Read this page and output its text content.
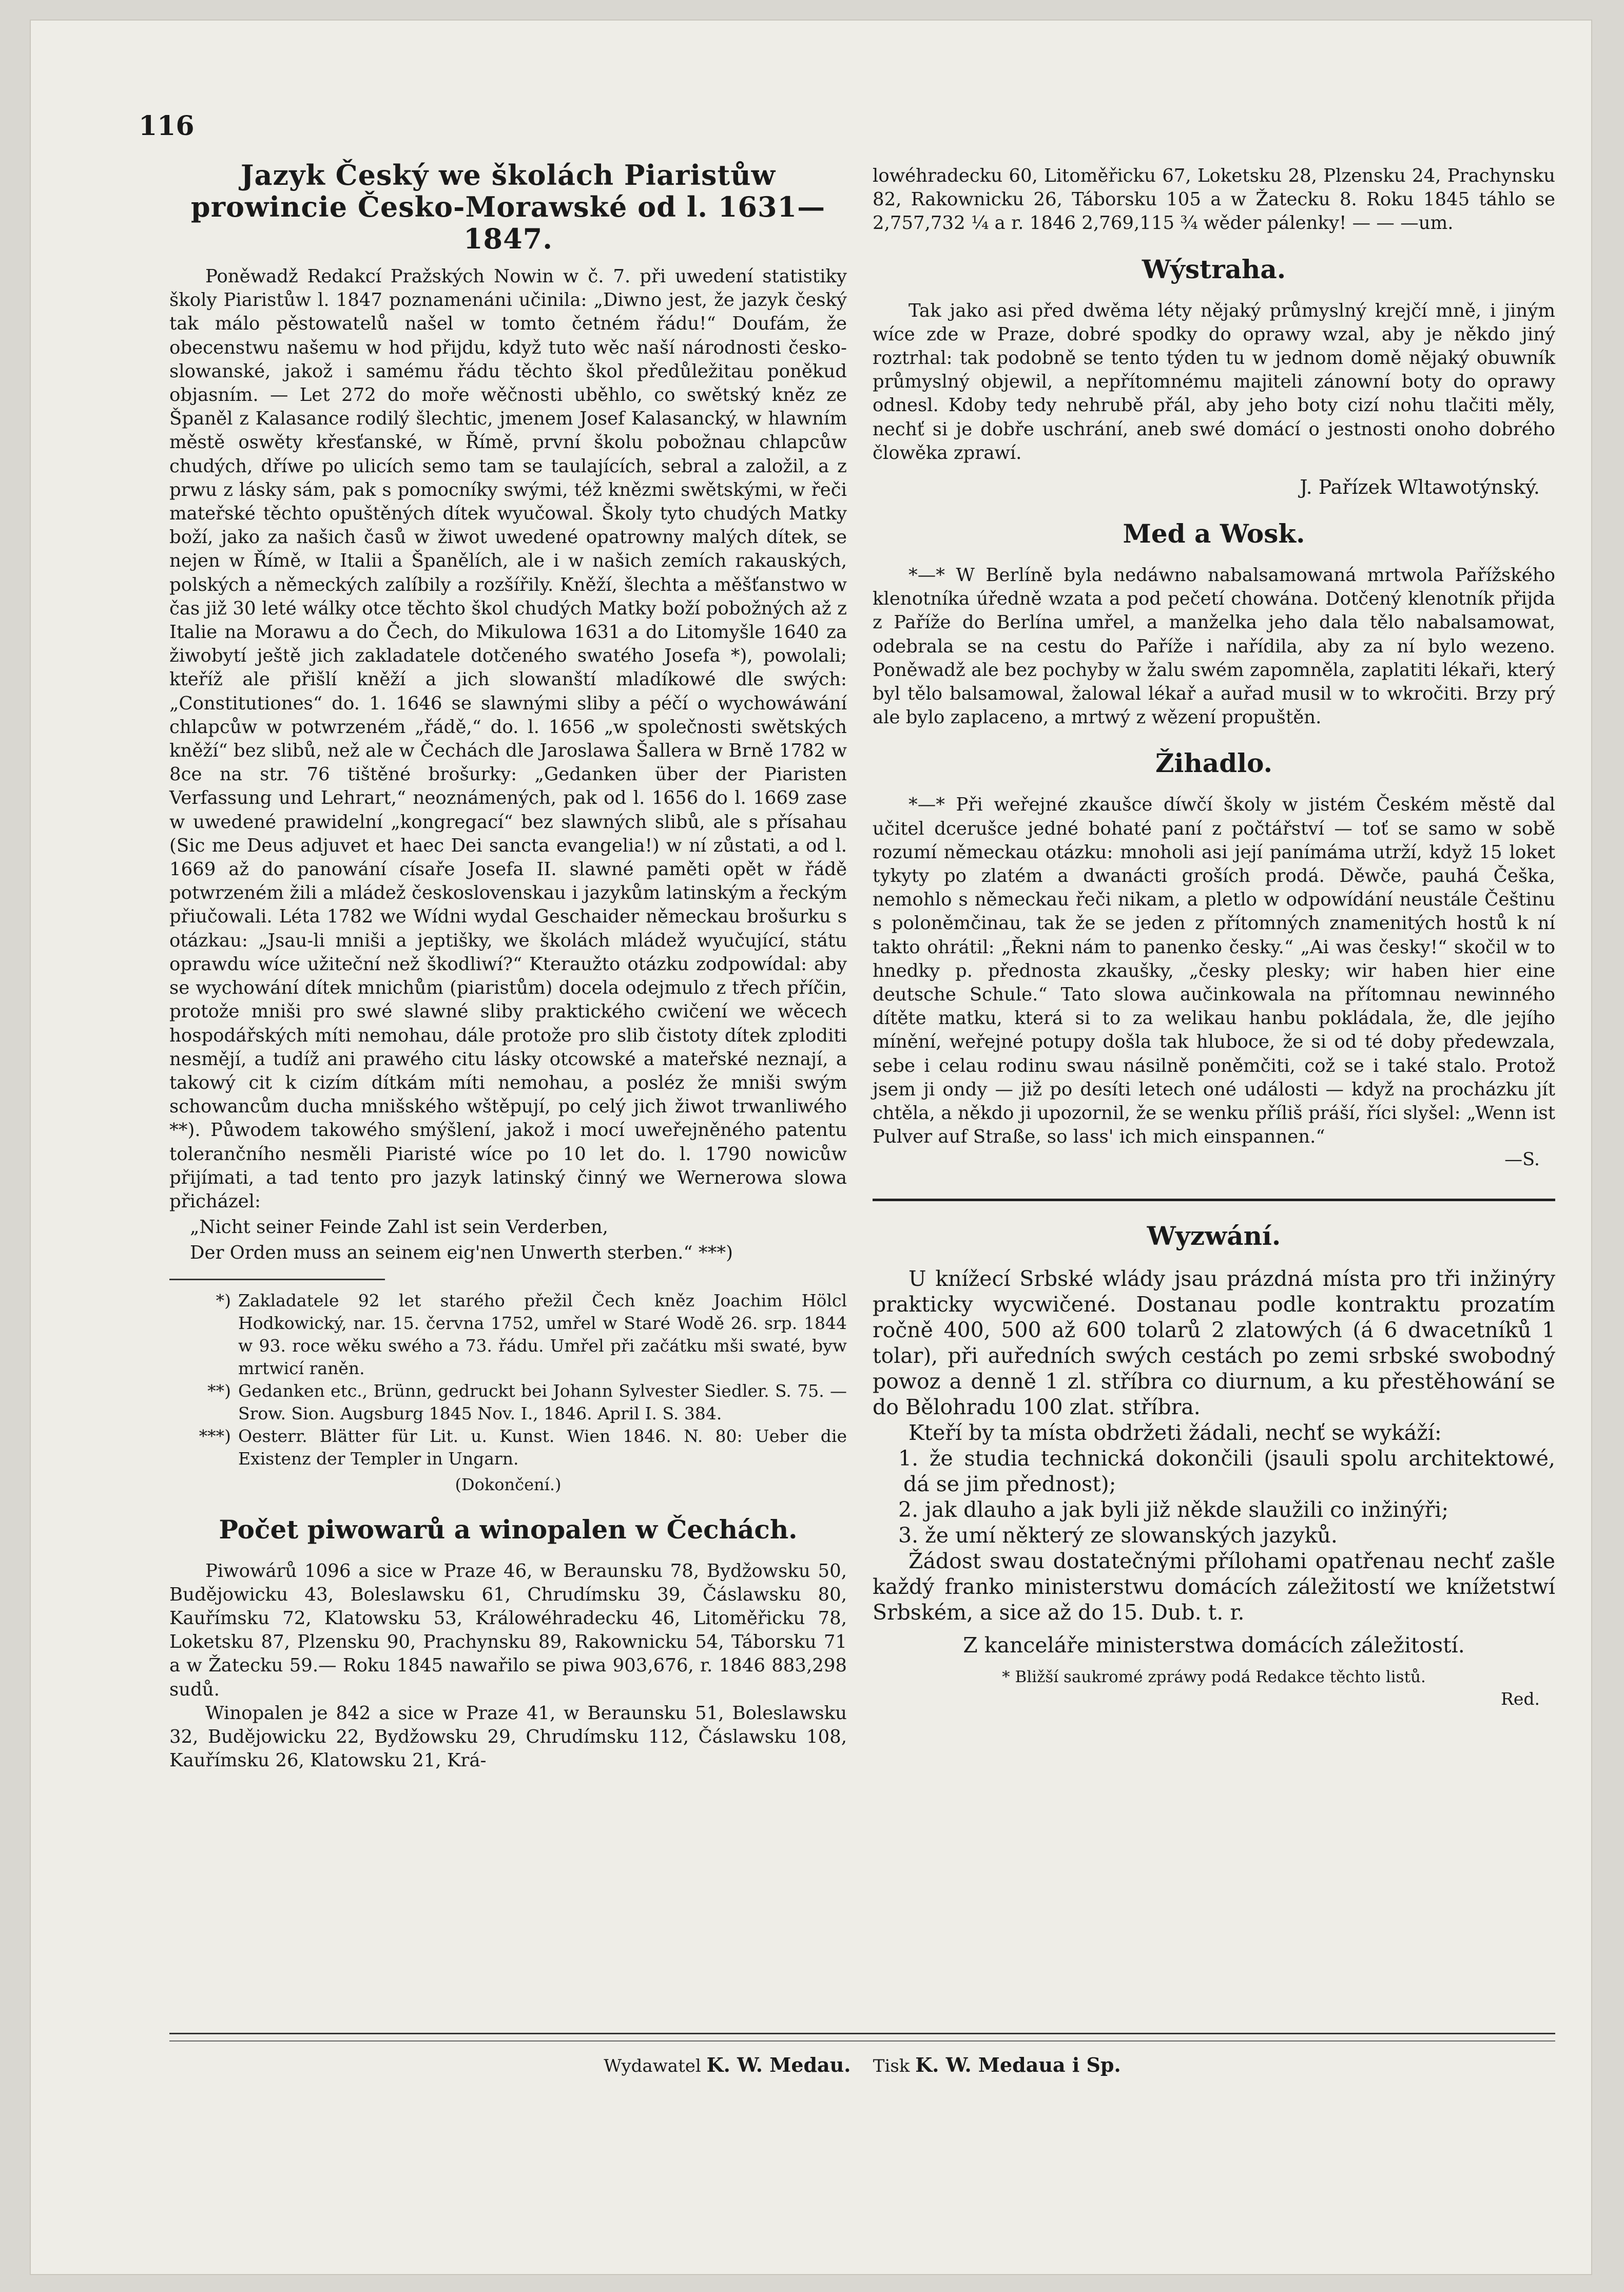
116
Jazyk Český we školách Piaristůw prowincie Česko-Morawské od l. 1631—1847.

Poněwadž Redakcí Pražských Nowin w č. 7. při uwedení statistiky školy Piaristůw l. 1847 poznamenáni učinila: „Diwno jest, že jazyk český tak málo pěstowatelů našel w tomto četném řádu!“ Doufám, že obecenstwu našemu w hod přijdu, když tuto wěc naší národnosti česko-slowanské, jakož i samému řádu těchto škol předůležitau poněkud objasním. — Let 272 do moře wěčnosti uběhlo, co swětský kněz ze Španěl z Kalasance rodilý šlechtic, jmenem Josef Kalasancký, w hlawním městě oswěty křesťanské, w Římě, první školu pobožnau chlapcůw chudých, dříwe po ulicích semo tam se taulajících, sebral a založil, a z prwu z lásky sám, pak s pomocníky swými, též knězmi swětskými, w řeči mateřské těchto opuštěných dítek wyučowal. Školy tyto chudých Matky boží, jako za našich časů w žiwot uwedené opatrowny malých dítek, se nejen w Římě, w Italii a Španělích, ale i w našich zemích rakauských, polských a německých zalíbily a rozšířily. Kněží, šlechta a měšťanstwo w čas již 30 leté wálky otce těchto škol chudých Matky boží pobožných až z Italie na Morawu a do Čech, do Mikulowa 1631 a do Litomyšle 1640 za žiwobytí ještě jich zakladatele dotčeného swatého Josefa *), powolali; kteříž ale přišlí kněží a jich slowanští mladíkowé dle swých: „Constitutiones“ do. 1. 1646 se slawnými sliby a péčí o wychowáwání chlapcůw w potwrzeném „řádě,“ do. l. 1656 „w společnosti swětských kněží“ bez slibů, než ale w Čechách dle Jaroslawa Šallera w Brně 1782 w 8ce na str. 76 tištěné brošurky: „Gedanken über der Piaristen Verfassung und Lehrart,“ neoznámených, pak od l. 1656 do l. 1669 zase w uwedené prawidelní „kongregací“ bez slawných slibů, ale s přísahau (Sic me Deus adjuvet et haec Dei sancta evangelia!) w ní zůstati, a od l. 1669 až do panowání císaře Josefa II. slawné paměti opět w řádě potwrzeném žili a mládež československau i jazykům latinským a řeckým přiučowali. Léta 1782 we Wídni wydal Geschaider německau brošurku s otázkau: „Jsau-li mniši a jeptišky, we školách mládež wyučující, státu oprawdu wíce užiteční než škodliwí?“ Kteraužto otázku zodpowídal: aby se wychowání dítek mnichům (piaristům) docela odejmulo z třech příčin, protože mniši pro swé slawné sliby praktického cwičení we wěcech hospodářských míti nemohau, dále protože pro slib čistoty dítek zploditi nesmějí, a tudíž ani prawého citu lásky otcowské a mateřské neznají, a takowý cit k cizím dítkám míti nemohau, a posléz že mniši swým schowancům ducha mnišského wštěpují, po celý jich žiwot trwanliwého **). Půwodem takowého smýšlení, jakož i mocí uweřejněného patentu tolerančního nesměli Piaristé wíce po 10 let do. l. 1790 nowicůw přijímati, a tad tento pro jazyk latinský činný we Wernerowa slowa přicházel:

„Nicht seiner Feinde Zahl ist sein Verderben,
Der Orden muss an seinem eig'nen Unwerth sterben.“ ***)
*) Zakladatele 92 let starého přežil Čech kněz Joachim Hölcl Hodkowický, nar. 15. června 1752, umřel w Staré Wodě 26. srp. 1844 w 93. roce wěku swého a 73. řádu. Umřel při začátku mši swaté, byw mrtwicí raněn.
**) Gedanken etc., Brünn, gedruckt bei Johann Sylvester Siedler. S. 75. — Srow. Sion. Augsburg 1845 Nov. I., 1846. April I. S. 384.
***) Oesterr. Blätter für Lit. u. Kunst. Wien 1846. N. 80: Ueber die Existenz der Templer in Ungarn.
(Dokončení.)
Počet piwowarů a winopalen w Čechách.

Piwowárů 1096 a sice w Praze 46, w Beraunsku 78, Bydžowsku 50, Budějowicku 43, Boleslawsku 61, Chrudímsku 39, Čáslawsku 80, Kauřímsku 72, Klatowsku 53, Králowéhradecku 46, Litoměřicku 78, Loketsku 87, Plzensku 90, Prachynsku 89, Rakownicku 54, Táborsku 71 a w Žatecku 59.— Roku 1845 nawařilo se piwa 903,676, r. 1846 883,298 sudů.

Winopalen je 842 a sice w Praze 41, w Beraunsku 51, Boleslawsku 32, Budějowicku 22, Bydžowsku 29, Chrudímsku 112, Čáslawsku 108, Kauřímsku 26, Klatowsku 21, Krá-

lowéhradecku 60, Litoměřicku 67, Loketsku 28, Plzensku 24, Prachynsku 82, Rakownicku 26, Táborsku 105 a w Žatecku 8. Roku 1845 táhlo se 2,757,732 ¼ a r. 1846 2,769,115 ¾ wěder pálenky! — — —um.

Wýstraha.

Tak jako asi před dwěma léty nějaký průmyslný krejčí mně, i jiným wíce zde w Praze, dobré spodky do oprawy wzal, aby je někdo jiný roztrhal: tak podobně se tento týden tu w jednom domě nějaký obuwník průmyslný objewil, a nepřítomnému majiteli zánowní boty do oprawy odnesl. Kdoby tedy nehrubě přál, aby jeho boty cizí nohu tlačiti měly, nechť si je dobře uschrání, aneb swé domácí o jestnosti onoho dobrého člowěka zprawí.

J. Pařízek Wltawotýnský.
Med a Wosk.

*—* W Berlíně byla nedáwno nabalsamowaná mrtwola Pařížského klenotníka úředně wzata a pod pečetí chowána. Dotčený klenotník přijda z Paříže do Berlína umřel, a manželka jeho dala tělo nabalsamowat, odebrala se na cestu do Paříže i nařídila, aby za ní bylo wezeno. Poněwadž ale bez pochyby w žalu swém zapomněla, zaplatiti lékaři, který byl tělo balsamowal, žalowal lékař a auřad musil w to wkročiti. Brzy prý ale bylo zaplaceno, a mrtwý z wězení propuštěn.

Žihadlo.

*—* Při weřejné zkaušce díwčí školy w jistém Českém městě dal učitel dcerušce jedné bohaté paní z počtářství — toť se samo w sobě rozumí německau otázku: mnoholi asi její panímáma utrží, když 15 loket tykyty po zlatém a dwanácti groších prodá. Děwče, pauhá Češka, nemohlo s německau řeči nikam, a pletlo w odpowídání neustále Češtinu s poloněmčinau, tak že se jeden z přítomných znamenitých hostů k ní takto ohrátil: „Řekni nám to panenko česky.“ „Ai was česky!“ skočil w to hnedky p. přednosta zkaušky, „česky plesky; wir haben hier eine deutsche Schule.“ Tato slowa aučinkowala na přítomnau newinného dítěte matku, která si to za welikau hanbu pokládala, že, dle jejího mínění, weřejné potupy došla tak hluboce, že si od té doby předewzala, sebe i celau rodinu swau násilně poněmčiti, což se i také stalo. Protož jsem ji ondy — již po desíti letech oné události — když na procházku jít chtěla, a někdo ji upozornil, že se wenku příliš práší, říci slyšel: „Wenn ist Pulver auf Straße, so lass' ich mich einspannen.“

—S.
Wyzwání.

U knížecí Srbské wlády jsau prázdná místa pro tři inžinýry prakticky wycwičené. Dostanau podle kontraktu prozatím ročně 400, 500 až 600 tolarů 2 zlatowých (á 6 dwacetníků 1 tolar), při auředních swých cestách po zemi srbské swobodný powoz a denně 1 zl. stříbra co diurnum, a ku přestěhowání se do Bělohradu 100 zlat. stříbra.

Kteří by ta místa obdržeti žádali, nechť se wykáží:

1. že studia technická dokončili (jsauli spolu architektowé, dá se jim přednost);

2. jak dlauho a jak byli již někde slaužili co inžinýři;

3. že umí některý ze slowanských jazyků.

Žádost swau dostatečnými přílohami opatřenau nechť zašle každý franko ministerstwu domácích záležitostí we knížetstwí Srbském, a sice až do 15. Dub. t. r.

Z kanceláře ministerstwa domácích záležitostí.

* Bližší saukromé zpráwy podá Redakce těchto listů.

Red.
Wydawatel K. W. Medau. Tisk K. W. Medaua i Sp.
